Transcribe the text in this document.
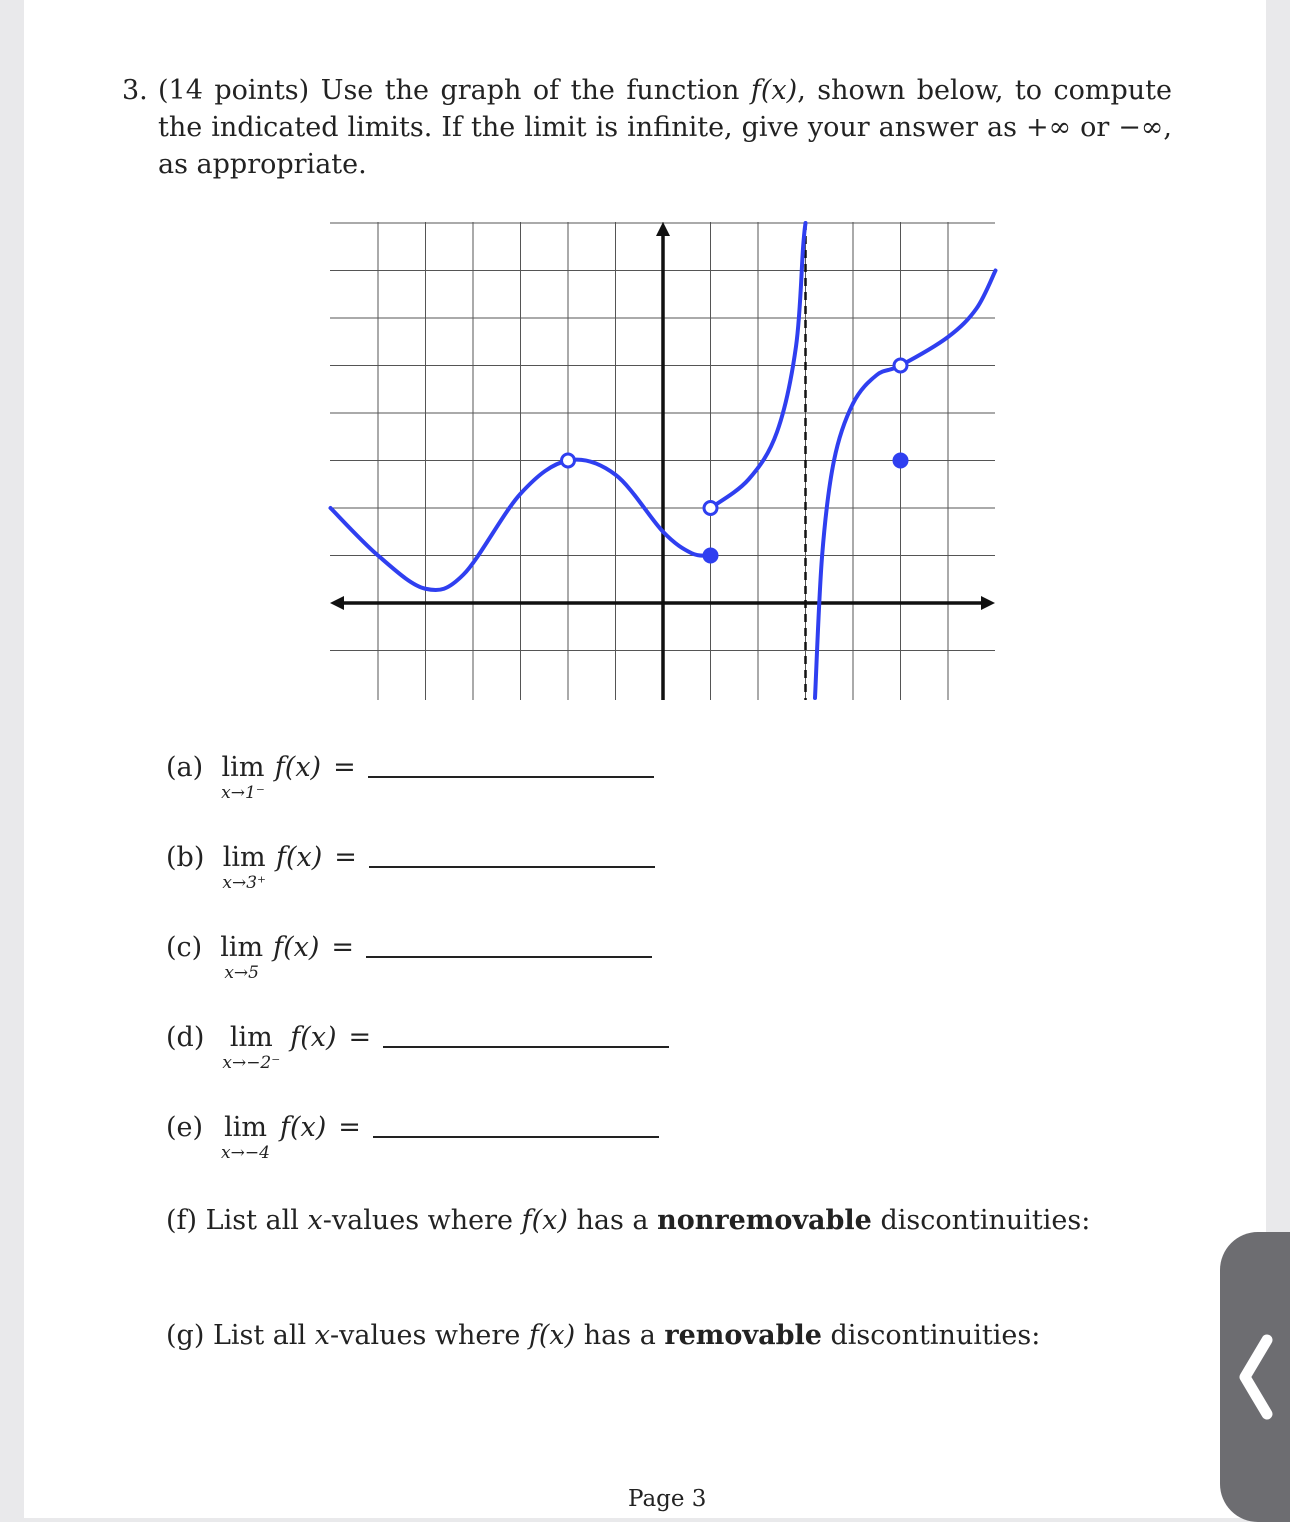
3. (14 points) Use the graph of the function f(x), shown below, to compute the indicated limits. If the limit is infinite, give your answer as +∞ or −∞, as appropriate.
(a) lim
x→1⁻
f(x) =
(b) lim
x→3⁺
f(x) =
(c) lim
x→5
f(x) =
(d) lim
x→−2⁻
f(x) =
(e) lim
x→−4
f(x) =
(f) List all x-values where f(x) has a nonremovable discontinuities:
(g) List all x-values where f(x) has a removable discontinuities:
Page 3
